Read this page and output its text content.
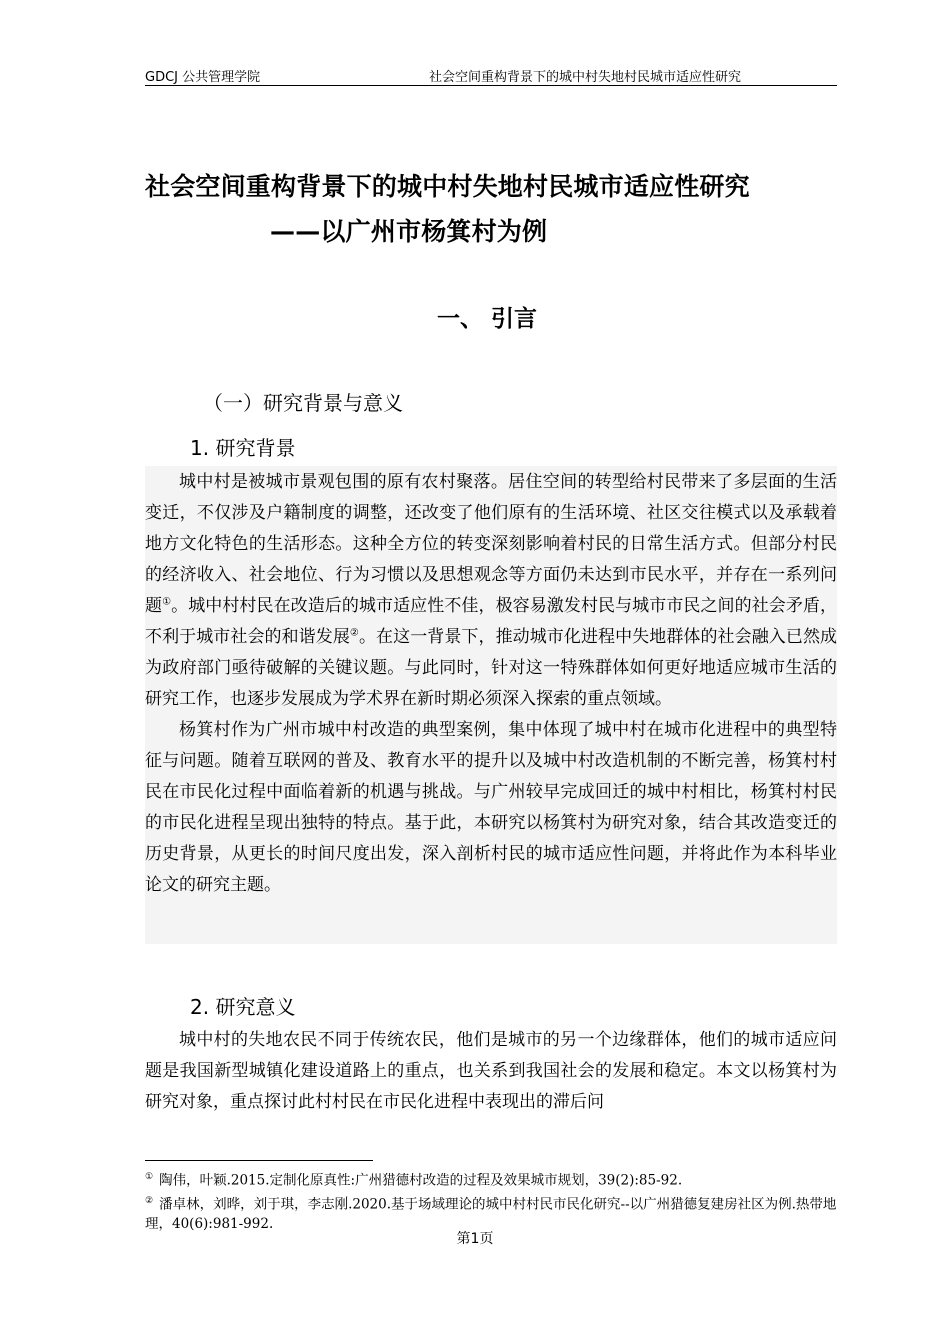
GDCJ 公共管理学院	社会空间重构背景下的城中村失地村民城市适应性研究
社会空间重构背景下的城中村失地村民城市适应性研究
——以广州市杨箕村为例
一、 引言
（一）研究背景与意义
1. 研究背景

城中村是被城市景观包围的原有农村聚落。居住空间的转型给村民带来了多层面的生活变迁，不仅涉及户籍制度的调整，还改变了他们原有的生活环境、社区交往模式以及承载着地方文化特色的生活形态。这种全方位的转变深刻影响着村民的日常生活方式。但部分村民的经济收入、社会地位、行为习惯以及思想观念等方面仍未达到市民水平，并存在一系列问题①。城中村村民在改造后的城市适应性不佳，极容易激发村民与城市市民之间的社会矛盾，不利于城市社会的和谐发展②。在这一背景下，推动城市化进程中失地群体的社会融入已然成为政府部门亟待破解的关键议题。与此同时，针对这一特殊群体如何更好地适应城市生活的研究工作，也逐步发展成为学术界在新时期必须深入探索的重点领域。

杨箕村作为广州市城中村改造的典型案例，集中体现了城中村在城市化进程中的典型特征与问题。随着互联网的普及、教育水平的提升以及城中村改造机制的不断完善，杨箕村村民在市民化过程中面临着新的机遇与挑战。与广州较早完成回迁的城中村相比，杨箕村村民的市民化进程呈现出独特的特点。基于此，本研究以杨箕村为研究对象，结合其改造变迁的历史背景，从更长的时间尺度出发，深入剖析村民的城市适应性问题，并将此作为本科毕业论文的研究主题。

2. 研究意义

城中村的失地农民不同于传统农民，他们是城市的另一个边缘群体，他们的城市适应问题是我国新型城镇化建设道路上的重点，也关系到我国社会的发展和稳定。本文以杨箕村为研究对象，重点探讨此村村民在市民化进程中表现出的滞后问

① 陶伟，叶颖.2015.定制化原真性:广州猎德村改造的过程及效果城市规划，39(2):85-92.
② 潘卓林，刘晔，刘于琪，李志刚.2020.基于场域理论的城中村村民市民化研究--以广州猎德复建房社区为例.热带地理，40(6):981-992.
第1页
